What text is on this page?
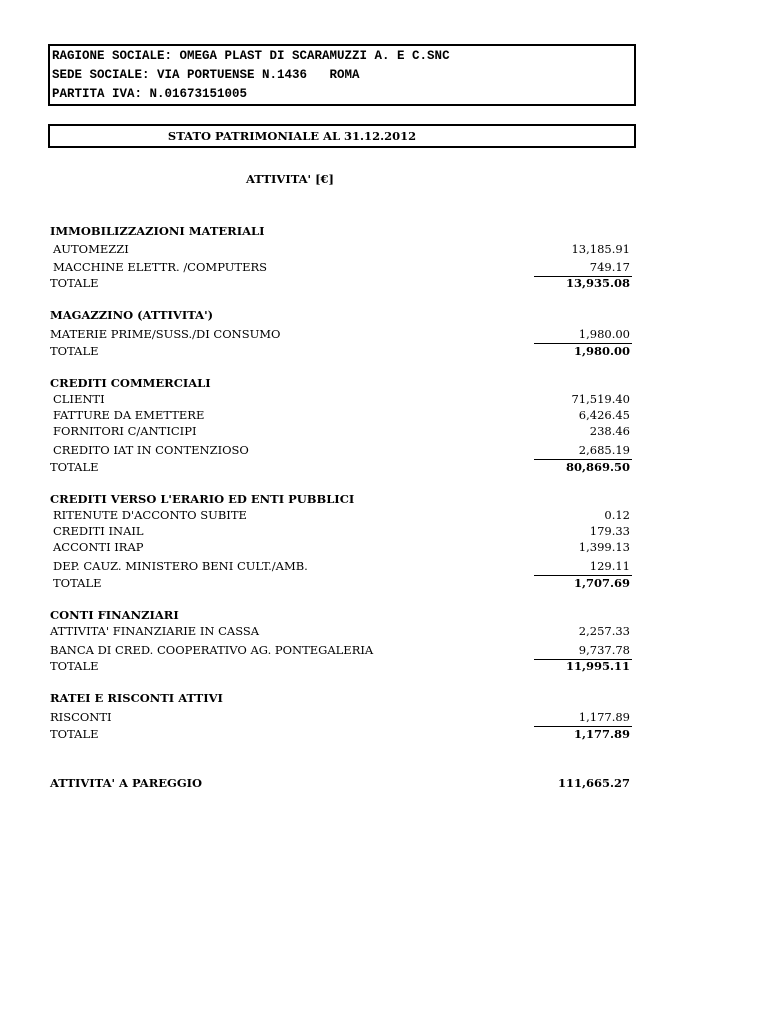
RAGIONE SOCIALE: OMEGA PLAST DI SCARAMUZZI A. E C.SNC
SEDE SOCIALE: VIA PORTUENSE N.1436   ROMA
PARTITA IVA: N.01673151005
STATO PATRIMONIALE AL 31.12.2012
ATTIVITA' [€]
IMMOBILIZZAZIONI MATERIALI
AUTOMEZZI	13,185.91
MACCHINE ELETTR. /COMPUTERS	749.17
TOTALE	13,935.08
MAGAZZINO (ATTIVITA')
MATERIE PRIME/SUSS./DI CONSUMO	1,980.00
TOTALE	1,980.00
CREDITI COMMERCIALI
CLIENTI	71,519.40
FATTURE DA EMETTERE	6,426.45
FORNITORI C/ANTICIPI	238.46
CREDITO IAT IN CONTENZIOSO	2,685.19
TOTALE	80,869.50
CREDITI VERSO L'ERARIO ED ENTI PUBBLICI
RITENUTE D'ACCONTO SUBITE	0.12
CREDITI INAIL	179.33
ACCONTI IRAP	1,399.13
DEP. CAUZ. MINISTERO BENI CULT./AMB.	129.11
TOTALE	1,707.69
CONTI FINANZIARI
ATTIVITA' FINANZIARIE IN CASSA	2,257.33
BANCA DI CRED. COOPERATIVO AG. PONTEGALERIA	9,737.78
TOTALE	11,995.11
RATEI E RISCONTI ATTIVI
RISCONTI	1,177.89
TOTALE	1,177.89
ATTIVITA' A PAREGGIO	111,665.27
